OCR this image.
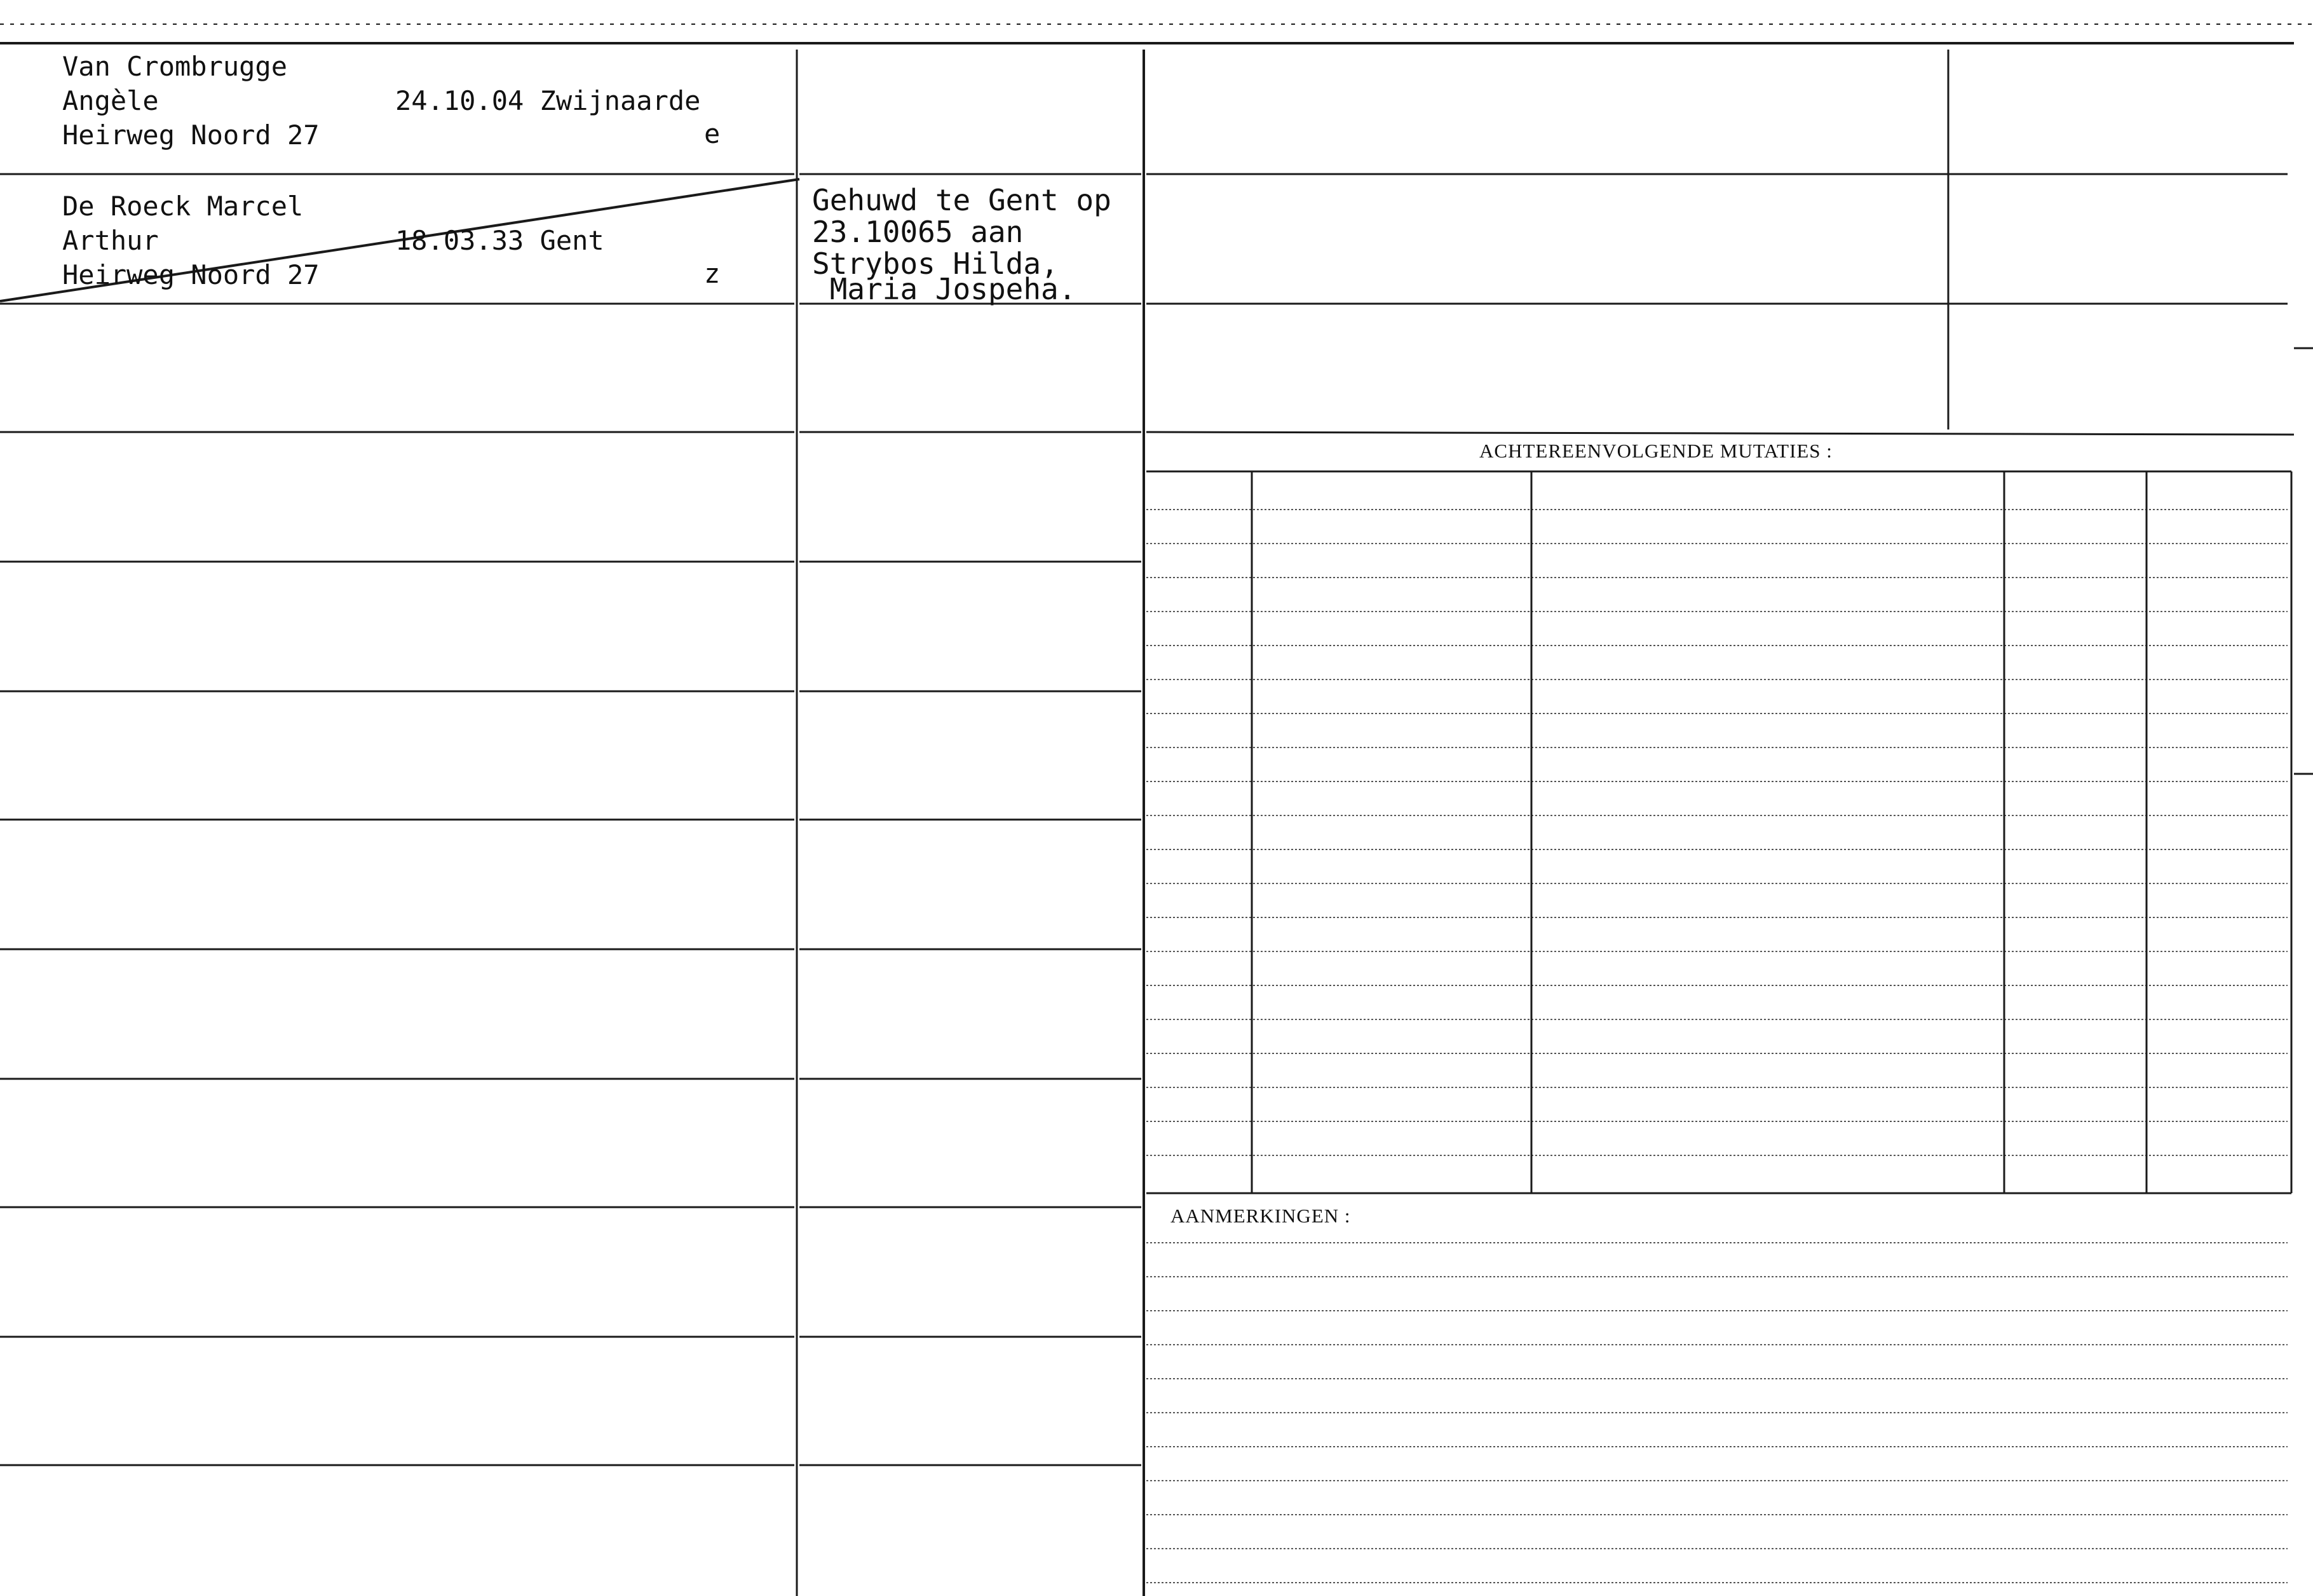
Van Crombrugge
Angèle
Heirweg Noord 27
24.10.04 Zwijnaarde
e
De Roeck Marcel
Arthur
Heirweg Noord 27
18.03.33 Gent
z
Gehuwd te Gent op
23.10065 aan
Strybos Hilda,
Maria Jospeha.
ACHTEREENVOLGENDE MUTATIES :
AANMERKINGEN :
